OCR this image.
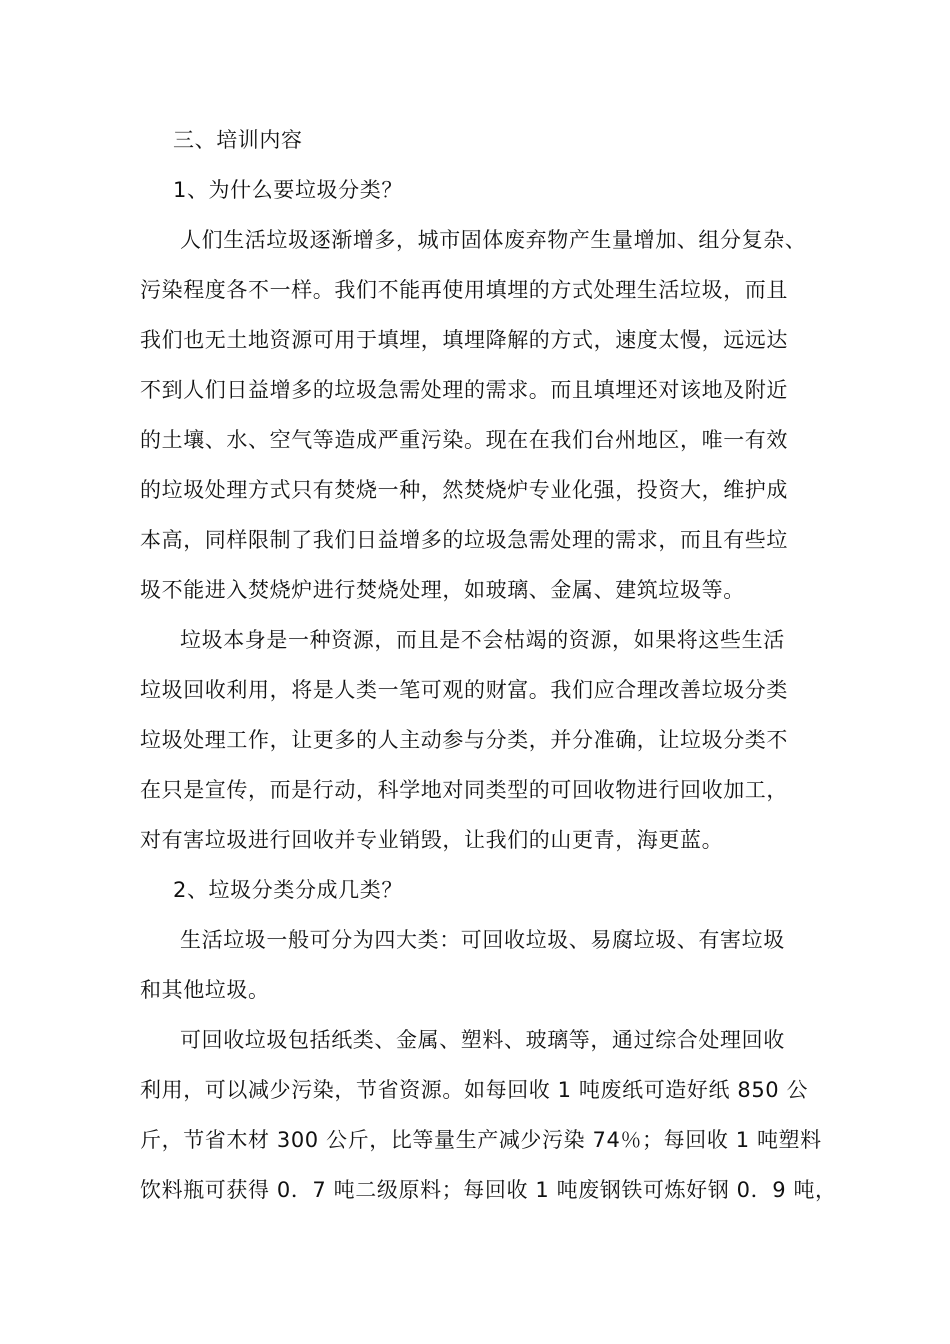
三、培训内容
1、为什么要垃圾分类？
人们生活垃圾逐渐增多，城市固体废弃物产生量增加、组分复杂、
污染程度各不一样。我们不能再使用填埋的方式处理生活垃圾，而且
我们也无土地资源可用于填埋，填埋降解的方式，速度太慢，远远达
不到人们日益增多的垃圾急需处理的需求。而且填埋还对该地及附近
的土壤、水、空气等造成严重污染。现在在我们台州地区，唯一有效
的垃圾处理方式只有焚烧一种，然焚烧炉专业化强，投资大，维护成
本高，同样限制了我们日益增多的垃圾急需处理的需求，而且有些垃
圾不能进入焚烧炉进行焚烧处理，如玻璃、金属、建筑垃圾等。
垃圾本身是一种资源，而且是不会枯竭的资源，如果将这些生活
垃圾回收利用，将是人类一笔可观的财富。我们应合理改善垃圾分类
垃圾处理工作，让更多的人主动参与分类，并分准确，让垃圾分类不
在只是宣传，而是行动，科学地对同类型的可回收物进行回收加工，
对有害垃圾进行回收并专业销毁，让我们的山更青，海更蓝。
2、垃圾分类分成几类？
生活垃圾一般可分为四大类：可回收垃圾、易腐垃圾、有害垃圾
和其他垃圾。
可回收垃圾包括纸类、金属、塑料、玻璃等，通过综合处理回收
利用，可以减少污染，节省资源。如每回收 1 吨废纸可造好纸 850 公
斤，节省木材 300 公斤，比等量生产减少污染 74％；每回收 1 吨塑料
饮料瓶可获得 0．7 吨二级原料；每回收 1 吨废钢铁可炼好钢 0．9 吨，
